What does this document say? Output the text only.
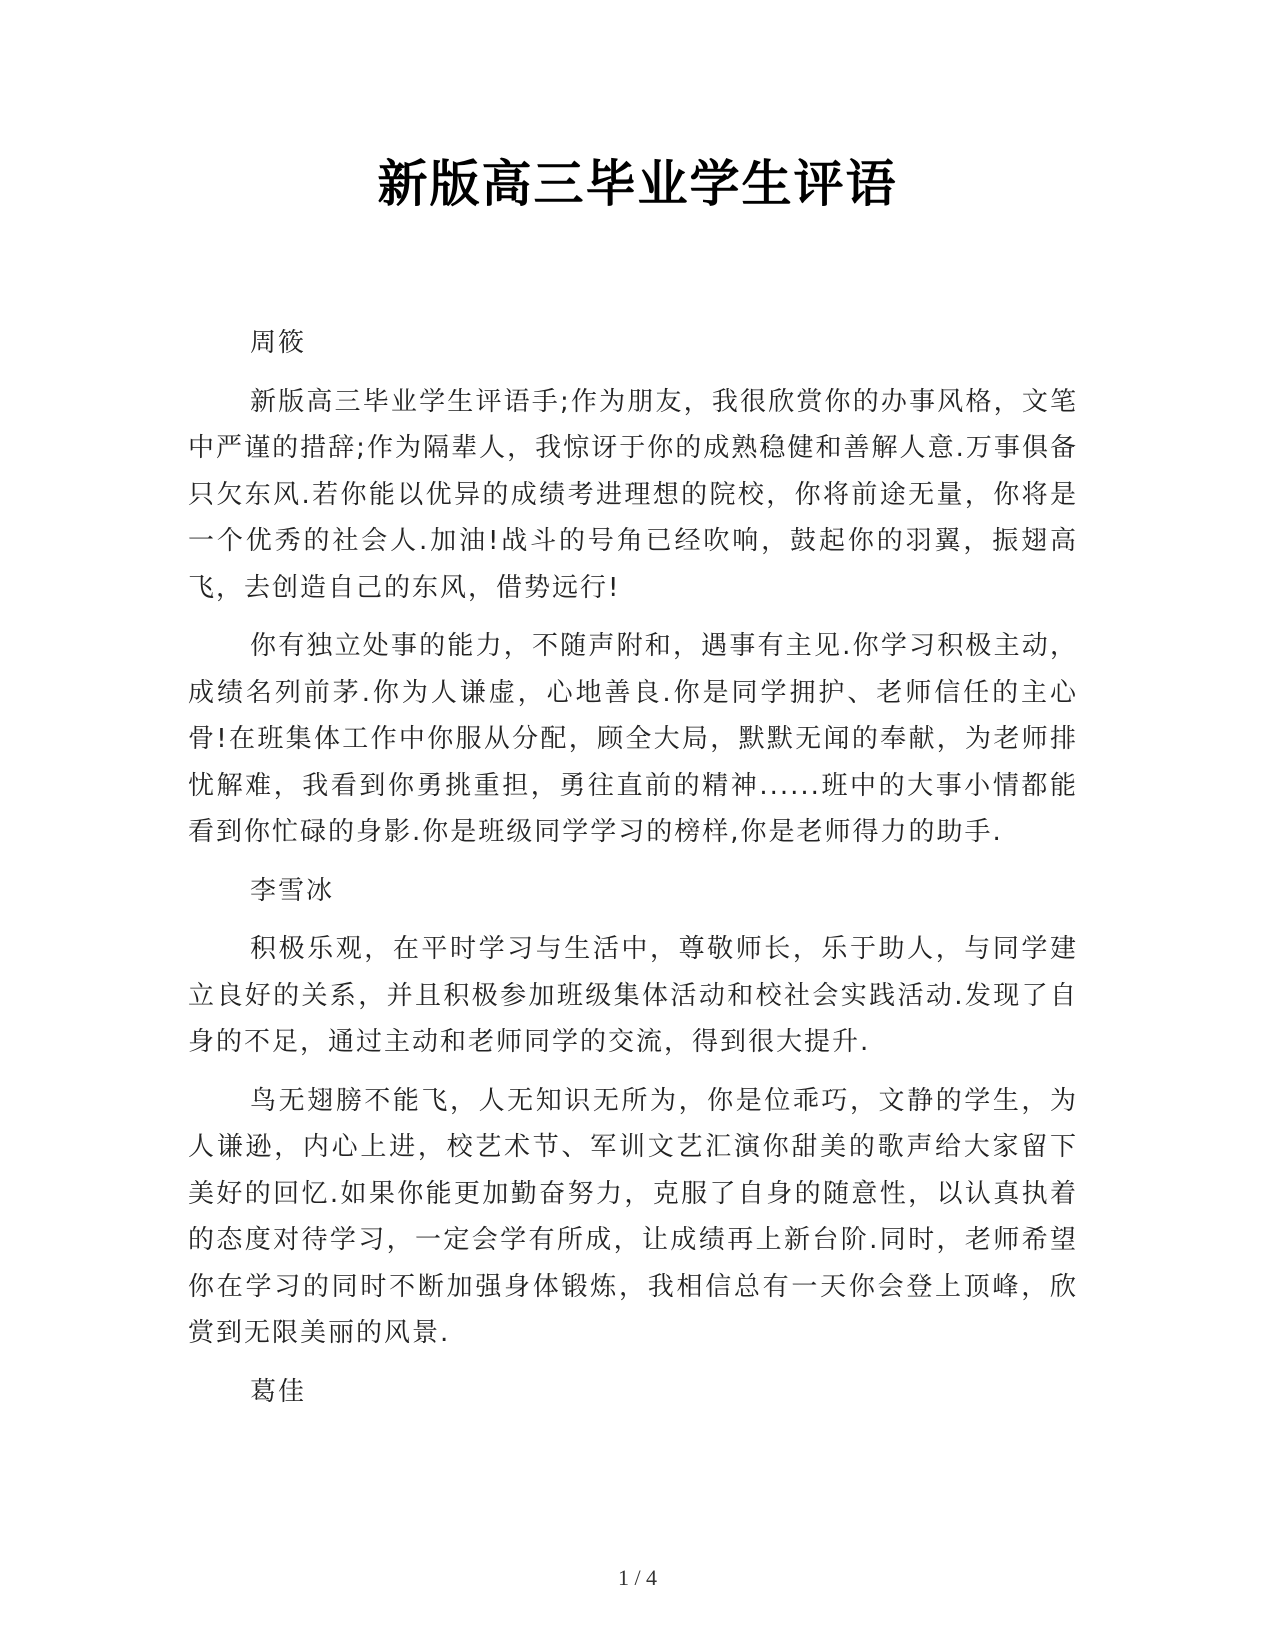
新版高三毕业学生评语

周筱

新版高三毕业学生评语手;作为朋友，我很欣赏你的办事风格，文笔中严谨的措辞;作为隔辈人，我惊讶于你的成熟稳健和善解人意.万事俱备只欠东风.若你能以优异的成绩考进理想的院校，你将前途无量，你将是一个优秀的社会人.加油!战斗的号角已经吹响，鼓起你的羽翼，振翅高飞，去创造自己的东风，借势远行!

你有独立处事的能力，不随声附和，遇事有主见.你学习积极主动，成绩名列前茅.你为人谦虚，心地善良.你是同学拥护、老师信任的主心骨!在班集体工作中你服从分配，顾全大局，默默无闻的奉献，为老师排忧解难，我看到你勇挑重担，勇往直前的精神......班中的大事小情都能看到你忙碌的身影.你是班级同学学习的榜样,你是老师得力的助手.

李雪冰

积极乐观，在平时学习与生活中，尊敬师长，乐于助人，与同学建立良好的关系，并且积极参加班级集体活动和校社会实践活动.发现了自身的不足，通过主动和老师同学的交流，得到很大提升.

鸟无翅膀不能飞，人无知识无所为，你是位乖巧，文静的学生，为人谦逊，内心上进，校艺术节、军训文艺汇演你甜美的歌声给大家留下美好的回忆.如果你能更加勤奋努力，克服了自身的随意性，以认真执着的态度对待学习，一定会学有所成，让成绩再上新台阶.同时，老师希望你在学习的同时不断加强身体锻炼，我相信总有一天你会登上顶峰，欣赏到无限美丽的风景.

葛佳

1 / 4
